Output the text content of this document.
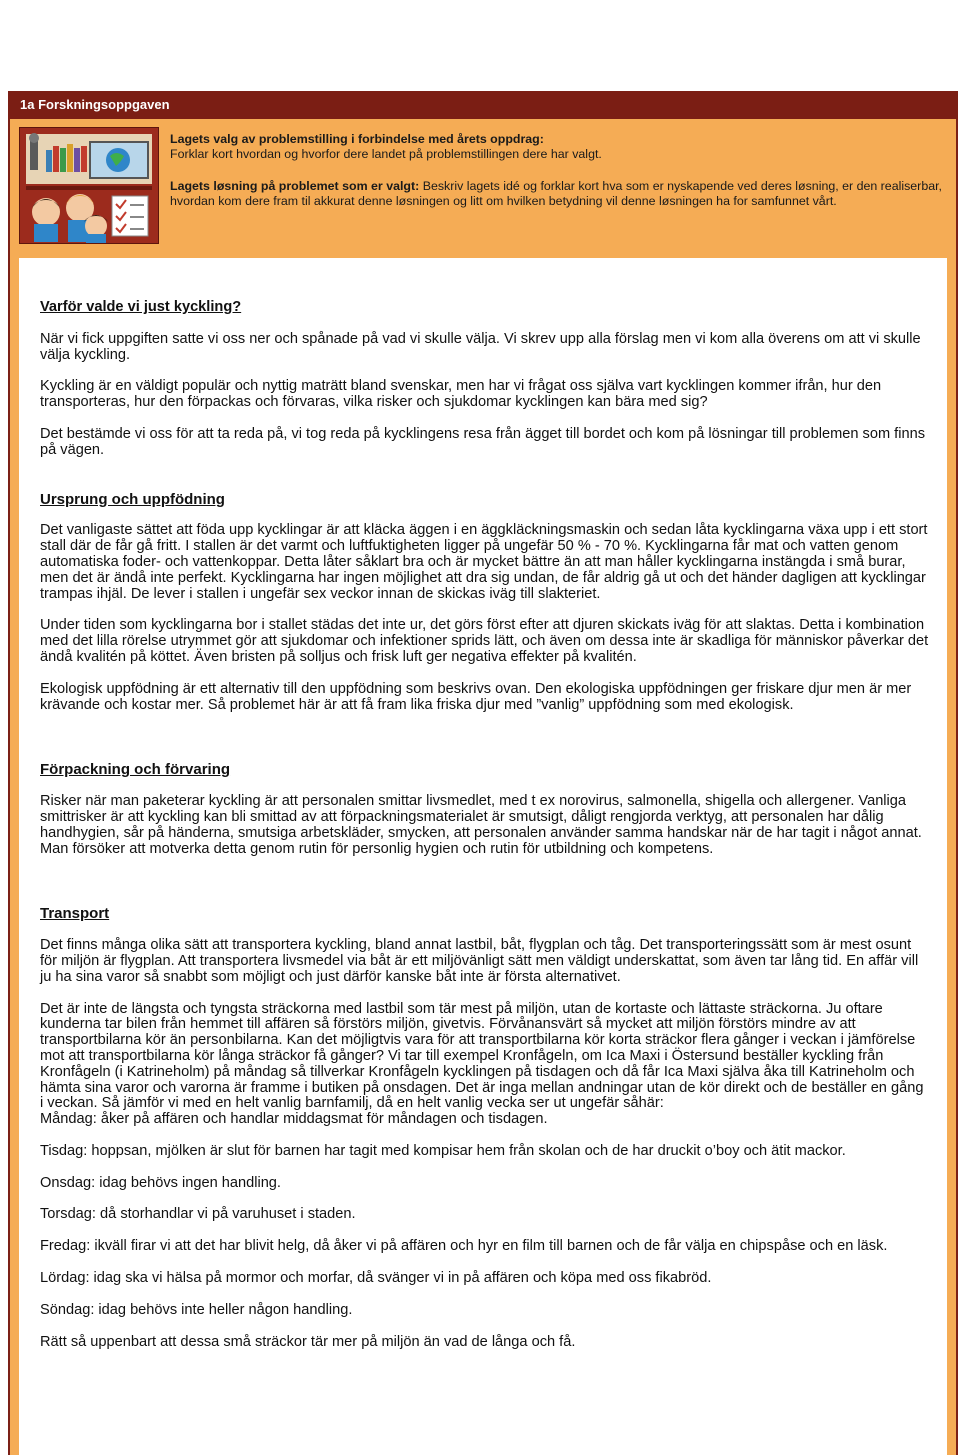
1a Forskningsoppgaven

Lagets valg av problemstilling i forbindelse med årets oppdrag:
Forklar kort hvordan og hvorfor dere landet på problemstillingen dere har valgt.

Lagets løsning på problemet som er valgt: Beskriv lagets idé og forklar kort hva som er nyskapende ved deres løsning, er den realiserbar, hvordan kom dere fram til akkurat denne løsningen og litt om hvilken betydning vil denne løsningen ha for samfunnet vårt.

Varför valde vi just kyckling?

När vi fick uppgiften satte vi oss ner och spånade på vad vi skulle välja. Vi skrev upp alla förslag men vi kom alla överens om att vi skulle välja kyckling.

Kyckling är en väldigt populär och nyttig maträtt bland svenskar, men har vi frågat oss själva vart kycklingen kommer ifrån, hur den transporteras, hur den förpackas och förvaras, vilka risker och sjukdomar kycklingen kan bära med sig?

Det bestämde vi oss för att ta reda på, vi tog reda på kycklingens resa från ägget till bordet och kom på lösningar till problemen som finns på vägen.

Ursprung och uppfödning

Det vanligaste sättet att föda upp kycklingar är att kläcka äggen i en äggkläckningsmaskin och sedan låta kycklingarna växa upp i ett stort stall där de får gå fritt. I stallen är det varmt och luftfuktigheten ligger på ungefär 50 % - 70 %. Kycklingarna får mat och vatten genom automatiska foder- och vattenkoppar. Detta låter såklart bra och är mycket bättre än att man håller kycklingarna instängda i små burar, men det är ändå inte perfekt. Kycklingarna har ingen möjlighet att dra sig undan, de får aldrig gå ut och det händer dagligen att kycklingar trampas ihjäl. De lever i stallen i ungefär sex veckor innan de skickas iväg till slakteriet.

Under tiden som kycklingarna bor i stallet städas det inte ur, det görs först efter att djuren skickats iväg för att slaktas. Detta i kombination med det lilla rörelse utrymmet gör att sjukdomar och infektioner sprids lätt, och även om dessa inte är skadliga för människor påverkar det ändå kvalitén på köttet. Även bristen på solljus och frisk luft ger negativa effekter på kvalitén.

Ekologisk uppfödning är ett alternativ till den uppfödning som beskrivs ovan. Den ekologiska uppfödningen ger friskare djur men är mer krävande och kostar mer. Så problemet här är att få fram lika friska djur med ”vanlig” uppfödning som med ekologisk.

Förpackning och förvaring

Risker när man paketerar kyckling är att personalen smittar livsmedlet, med t ex norovirus, salmonella, shigella och allergener. Vanliga smittrisker är att kyckling kan bli smittad av att förpackningsmaterialet är smutsigt, dåligt rengjorda verktyg, att personalen har dålig handhygien, sår på händerna, smutsiga arbetskläder, smycken, att personalen använder samma handskar när de har tagit i något annat. Man försöker att motverka detta genom rutin för personlig hygien och rutin för utbildning och kompetens.

Transport

Det finns många olika sätt att transportera kyckling, bland annat lastbil, båt, flygplan och tåg. Det transporteringssätt som är mest osunt för miljön är flygplan. Att transportera livsmedel via båt är ett miljövänligt sätt men väldigt underskattat, som även tar lång tid. En affär vill ju ha sina varor så snabbt som möjligt och just därför kanske båt inte är första alternativet.

Det är inte de längsta och tyngsta sträckorna med lastbil som tär mest på miljön, utan de kortaste och lättaste sträckorna. Ju oftare kunderna tar bilen från hemmet till affären så förstörs miljön, givetvis. Förvånansvärt så mycket att miljön förstörs mindre av att transportbilarna kör än personbilarna. Kan det möjligtvis vara för att transportbilarna kör korta sträckor flera gånger i veckan i jämförelse mot att transportbilarna kör långa sträckor få gånger? Vi tar till exempel Kronfågeln, om Ica Maxi i Östersund beställer kyckling från Kronfågeln (i Katrineholm) på måndag så tillverkar Kronfågeln kycklingen på tisdagen och då får Ica Maxi själva åka till Katrineholm och hämta sina varor och varorna är framme i butiken på onsdagen. Det är inga mellan andningar utan de kör direkt och de beställer en gång i veckan. Så jämför vi med en helt vanlig barnfamilj, då en helt vanlig vecka ser ut ungefär såhär:

Måndag: åker på affären och handlar middagsmat för måndagen och tisdagen.

Tisdag: hoppsan, mjölken är slut för barnen har tagit med kompisar hem från skolan och de har druckit o’boy och ätit mackor.

Onsdag: idag behövs ingen handling.

Torsdag: då storhandlar vi på varuhuset i staden.

Fredag: ikväll firar vi att det har blivit helg, då åker vi på affären och hyr en film till barnen och de får välja en chipspåse och en läsk.

Lördag: idag ska vi hälsa på mormor och morfar, då svänger vi in på affären och köpa med oss fikabröd.

Söndag: idag behövs inte heller någon handling.

Rätt så uppenbart att dessa små sträckor tär mer på miljön än vad de långa och få.
